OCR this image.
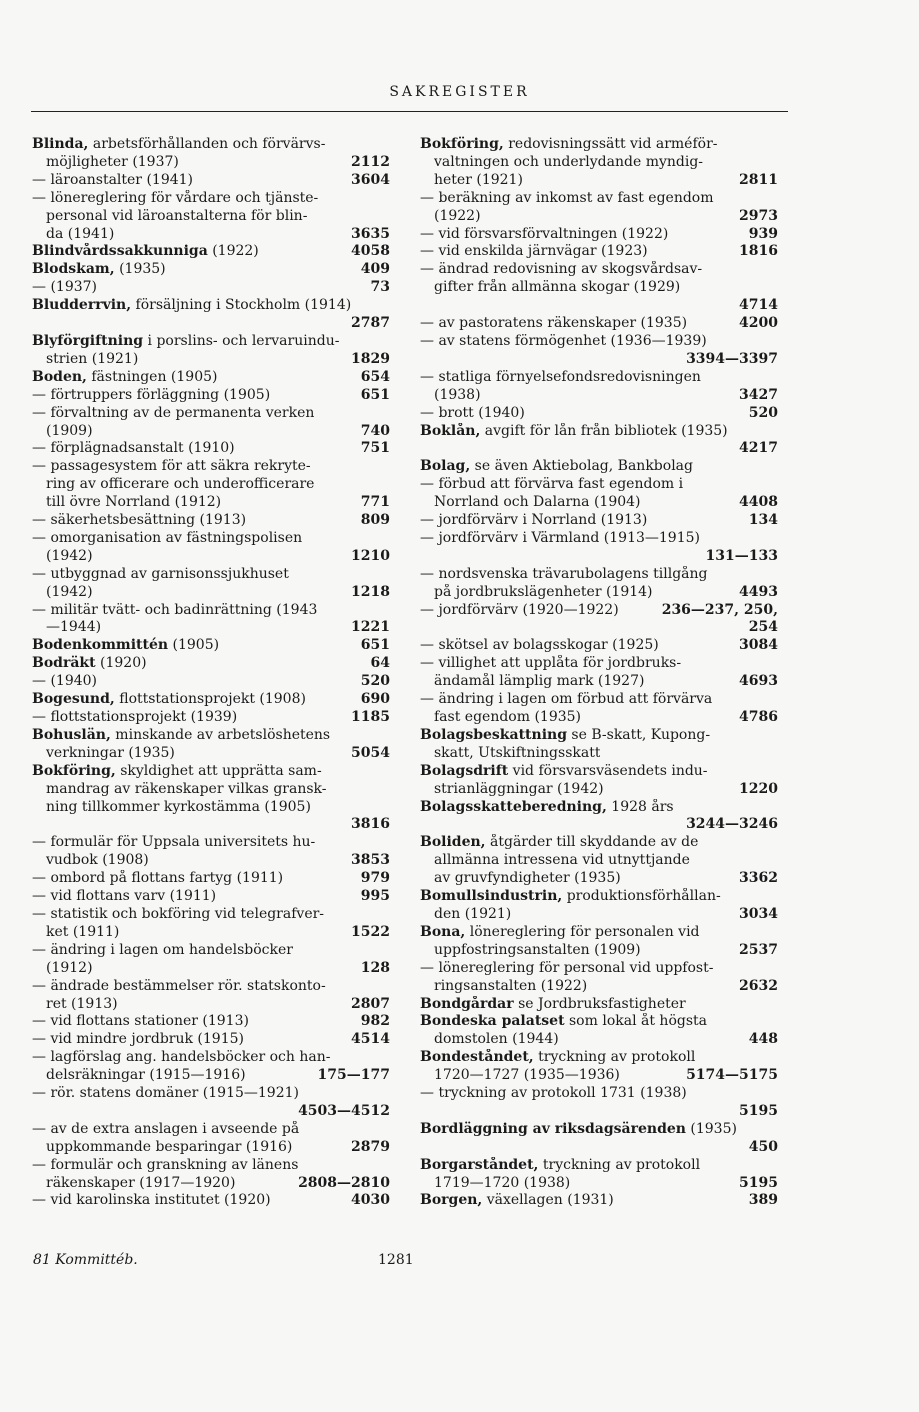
SAKREGISTER
Blinda, arbetsförhållanden och förvärvs-
möjligheter (1937)	2112
— läroanstalter (1941)	3604
— lönereglering för vårdare och tjänste-
personal vid läroanstalterna för blin-
da (1941)	3635
Blindvårdssakkunniga (1922)	4058
Blodskam, (1935)	409
— (1937)	73
Bludderrvin, försäljning i Stockholm (1914)
2787
Blyförgiftning i porslins- och lervaruindu-
strien (1921)	1829
Boden, fästningen (1905)	654
— förtruppers förläggning (1905)	651
— förvaltning av de permanenta verken
(1909)	740
— förplägnadsanstalt (1910)	751
— passagesystem för att säkra rekryte-
ring av officerare och underofficerare
till övre Norrland (1912)	771
— säkerhetsbesättning (1913)	809
— omorganisation av fästningspolisen
(1942)	1210
— utbyggnad av garnisonssjukhuset
(1942)	1218
— militär tvätt- och badinrättning (1943
—1944)	1221
Bodenkommittén (1905)	651
Bodräkt (1920)	64
— (1940)	520
Bogesund, flottstationsprojekt (1908)	690
— flottstationsprojekt (1939)	1185
Bohuslän, minskande av arbetslöshetens
verkningar (1935)	5054
Bokföring, skyldighet att upprätta sam-
mandrag av räkenskaper vilkas gransk-
ning tillkommer kyrkostämma (1905)
3816
— formulär för Uppsala universitets hu-
vudbok (1908)	3853
— ombord på flottans fartyg (1911)	979
— vid flottans varv (1911)	995
— statistik och bokföring vid telegrafver-
ket (1911)	1522
— ändring i lagen om handelsböcker
(1912)	128
— ändrade bestämmelser rör. statskonto-
ret (1913)	2807
— vid flottans stationer (1913)	982
— vid mindre jordbruk (1915)	4514
— lagförslag ang. handelsböcker och han-
delsräkningar (1915—1916)	175—177
— rör. statens domäner (1915—1921)
4503—4512
— av de extra anslagen i avseende på
uppkommande besparingar (1916)	2879
— formulär och granskning av länens
räkenskaper (1917—1920)	2808—2810
— vid karolinska institutet (1920)	4030
Bokföring, redovisningssätt vid arméför-
valtningen och underlydande myndig-
heter (1921)	2811
— beräkning av inkomst av fast egendom
(1922)	2973
— vid försvarsförvaltningen (1922)	939
— vid enskilda järnvägar (1923)	1816
— ändrad redovisning av skogsvårdsav-
gifter från allmänna skogar (1929)
4714
— av pastoratens räkenskaper (1935)	4200
— av statens förmögenhet (1936—1939)
3394—3397
— statliga förnyelsefondsredovisningen
(1938)	3427
— brott (1940)	520
Boklån, avgift för lån från bibliotek (1935)
4217
Bolag, se även Aktiebolag, Bankbolag
— förbud att förvärva fast egendom i
Norrland och Dalarna (1904)	4408
— jordförvärv i Norrland (1913)	134
— jordförvärv i Värmland (1913—1915)
131—133
— nordsvenska trävarubolagens tillgång
på jordbrukslägenheter (1914)	4493
— jordförvärv (1920—1922)	236—237, 250,
254
— skötsel av bolagsskogar (1925)	3084
— villighet att upplåta för jordbruks-
ändamål lämplig mark (1927)	4693
— ändring i lagen om förbud att förvärva
fast egendom (1935)	4786
Bolagsbeskattning se B-skatt, Kupong-
skatt, Utskiftningsskatt
Bolagsdrift vid försvarsväsendets indu-
strianläggningar (1942)	1220
Bolagsskatteberedning, 1928 års
3244—3246
Boliden, åtgärder till skyddande av de
allmänna intressena vid utnyttjande
av gruvfyndigheter (1935)	3362
Bomullsindustrin, produktionsförhållan-
den (1921)	3034
Bona, lönereglering för personalen vid
uppfostringsanstalten (1909)	2537
— lönereglering för personal vid uppfost-
ringsanstalten (1922)	2632
Bondgårdar se Jordbruksfastigheter
Bondeska palatset som lokal åt högsta
domstolen (1944)	448
Bondeståndet, tryckning av protokoll
1720—1727 (1935—1936)	5174—5175
— tryckning av protokoll 1731 (1938)
5195
Bordläggning av riksdagsärenden (1935)
450
Borgarståndet, tryckning av protokoll
1719—1720 (1938)	5195
Borgen, växellagen (1931)	389
81 Kommittéb.	1281
